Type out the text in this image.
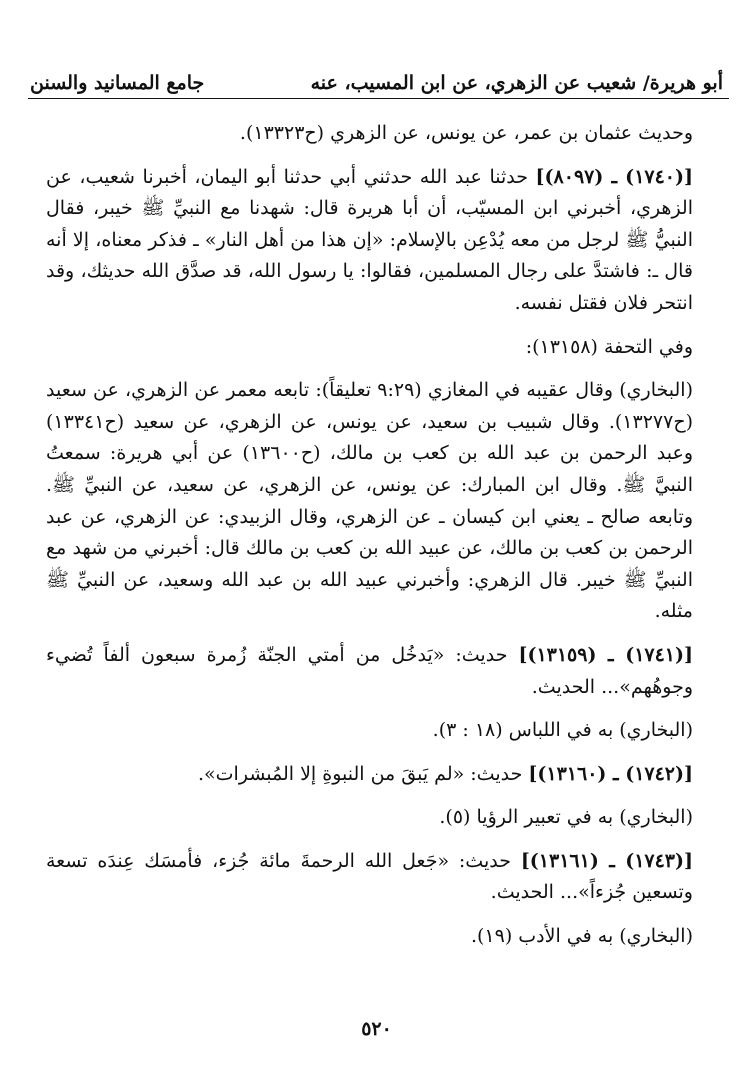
أبو هريرة/ شعيب عن الزهري، عن ابن المسيب، عنه
جامع المسانيد والسنن

وحديث عثمان بن عمر، عن يونس، عن الزهري (ح١٣٣٢٣).

[(١٧٤٠) ـ (٨٠٩٧)] حدثنا عبد الله حدثني أبي حدثنا أبو اليمان، أخبرنا شعيب، عن الزهري، أخبرني ابن المسيّب، أن أبا هريرة قال: شهدنا مع النبيِّ ﷺ خيبر، فقال النبيُّ ﷺ لرجل من معه يُدْعِن بالإسلام: «إن هذا من أهل النار» ـ فذكر معناه، إلا أنه قال ـ: فاشتدَّ على رجال المسلمين، فقالوا: يا رسول الله، قد صدَّق الله حديثك، وقد انتحر فلان فقتل نفسه.

وفي التحفة (١٣١٥٨):

(البخاري) وقال عقيبه في المغازي (٩:٢٩ تعليقاً): تابعه معمر عن الزهري، عن سعيد (ح١٣٢٧٧). وقال شبيب بن سعيد، عن يونس، عن الزهري، عن سعيد (ح١٣٣٤١) وعبد الرحمن بن عبد الله بن كعب بن مالك، (ح١٣٦٠٠) عن أبي هريرة: سمعتُ النبيَّ ﷺ. وقال ابن المبارك: عن يونس، عن الزهري، عن سعيد، عن النبيِّ ﷺ. وتابعه صالح ـ يعني ابن كيسان ـ عن الزهري، وقال الزبيدي: عن الزهري، عن عبد الرحمن بن كعب بن مالك، عن عبيد الله بن كعب بن مالك قال: أخبرني من شهد مع النبيِّ ﷺ خيبر. قال الزهري: وأخبرني عبيد الله بن عبد الله وسعيد، عن النبيِّ ﷺ مثله.

[(١٧٤١) ـ (١٣١٥٩)] حديث: «يَدخُل من أمتي الجنّة زُمرة سبعون ألفاً تُضيء وجوهُهم»... الحديث.

(البخاري) به في اللباس (١٨ : ٣).

[(١٧٤٢) ـ (١٣١٦٠)] حديث: «لم يَبقَ من النبوةِ إلا المُبشرات».

(البخاري) به في تعبير الرؤيا (٥).

[(١٧٤٣) ـ (١٣١٦١)] حديث: «جَعل الله الرحمةَ مائة جُزء، فأمسَك عِندَه تسعة وتسعين جُزءاً»... الحديث.

(البخاري) به في الأدب (١٩).

٥٢٠
